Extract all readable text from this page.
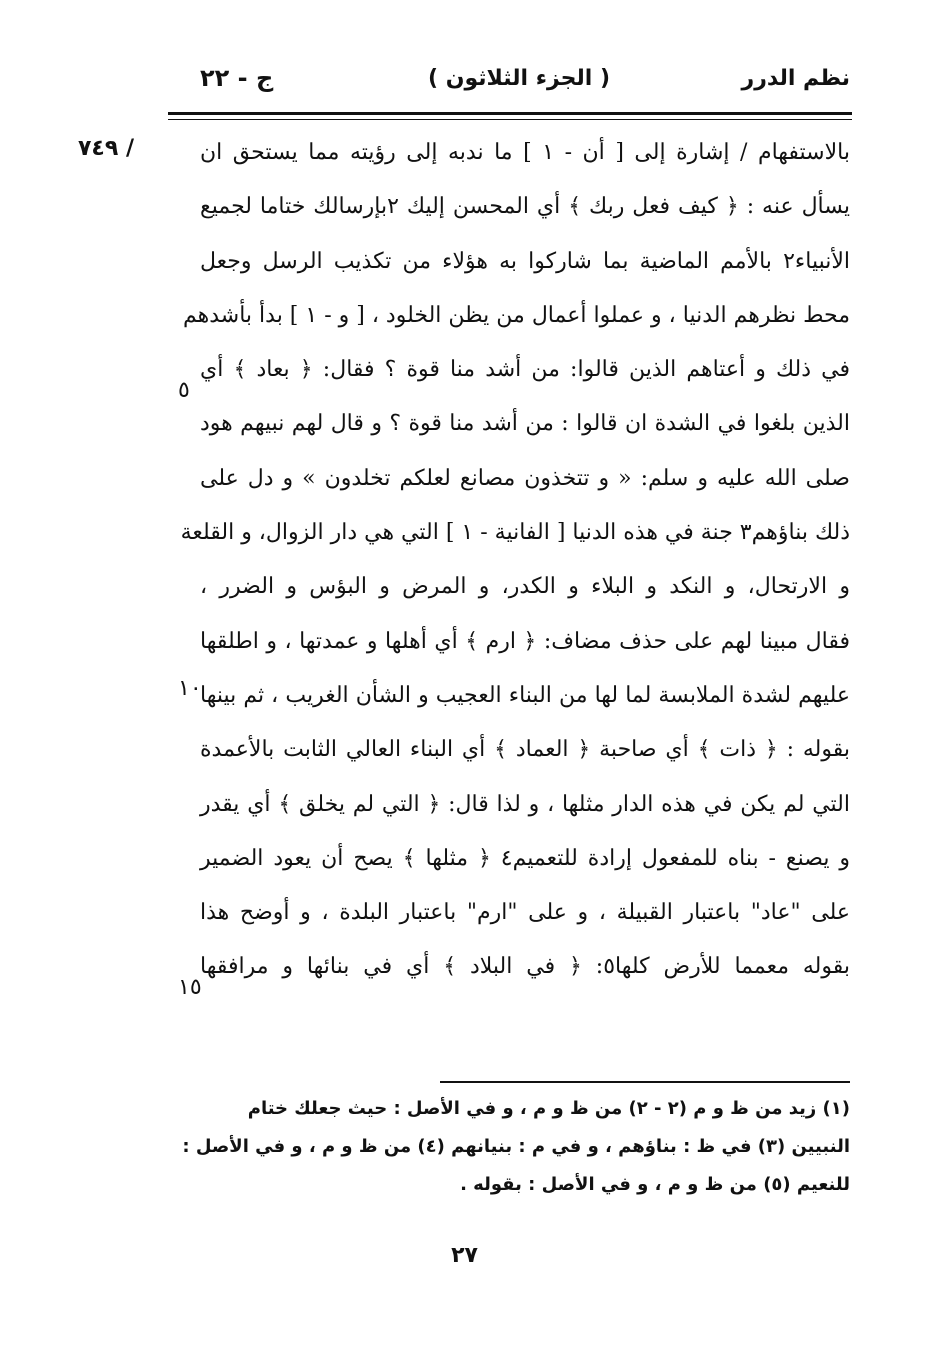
نظم الدرر
( الجزء الثلاثون )
ج - ٢٢
/ ٧٤٩
٥
١٠
١٥
بالاستفهام / إشارة إلى [ أن - ١ ] ما ندبه إلى رؤيته مما يستحق ان
يسأل عنه : ﴿ كيف فعل ربك ﴾ أي المحسن إليك ٢بإرسالك ختاما لجميع
الأنبياء٢ بالأمم الماضية بما شاركوا به هؤلاء من تكذيب الرسل وجعل
محط نظرهم الدنيا ، و عملوا أعمال من يظن الخلود ، [ و - ١ ] بدأ بأشدهم
في ذلك و أعتاهم الذين قالوا: من أشد منا قوة ؟ فقال: ﴿ بعاد ﴾ أي
الذين بلغوا في الشدة ان قالوا : من أشد منا قوة ؟ و قال لهم نبيهم هود
صلى الله عليه و سلم: « و تتخذون مصانع لعلكم تخلدون » و دل على
ذلك بناؤهم٣ جنة في هذه الدنيا [ الفانية - ١ ] التي هي دار الزوال، و القلعة
و الارتحال، و النكد و البلاء و الكدر، و المرض و البؤس و الضرر ،
فقال مبينا لهم على حذف مضاف: ﴿ ارم ﴾ أي أهلها و عمدتها ، و اطلقها
عليهم لشدة الملابسة لما لها من البناء العجيب و الشأن الغريب ، ثم بينها
بقوله : ﴿ ذات ﴾ أي صاحبة ﴿ العماد ﴾ أي البناء العالي الثابت بالأعمدة
التي لم يكن في هذه الدار مثلها ، و لذا قال: ﴿ التي لم يخلق ﴾ أي يقدر
و يصنع - بناه للمفعول إرادة للتعميم٤ ﴿ مثلها ﴾ يصح أن يعود الضمير
على "عاد" باعتبار القبيلة ، و على "ارم" باعتبار البلدة ، و أوضح هذا
بقوله معمما للأرض كلها٥: ﴿ في البلاد ﴾ أي في بنائها و مرافقها
(١) زيد من ظ و م (٢ - ٢) من ظ و م ، و في الأصل : حيث جعلك ختام
النبيين (٣) في ظ : بناؤهم ، و في م : بنيانهم (٤) من ظ و م ، و في الأصل :
للنعيم (٥) من ظ و م ، و في الأصل : بقوله .
٢٧
